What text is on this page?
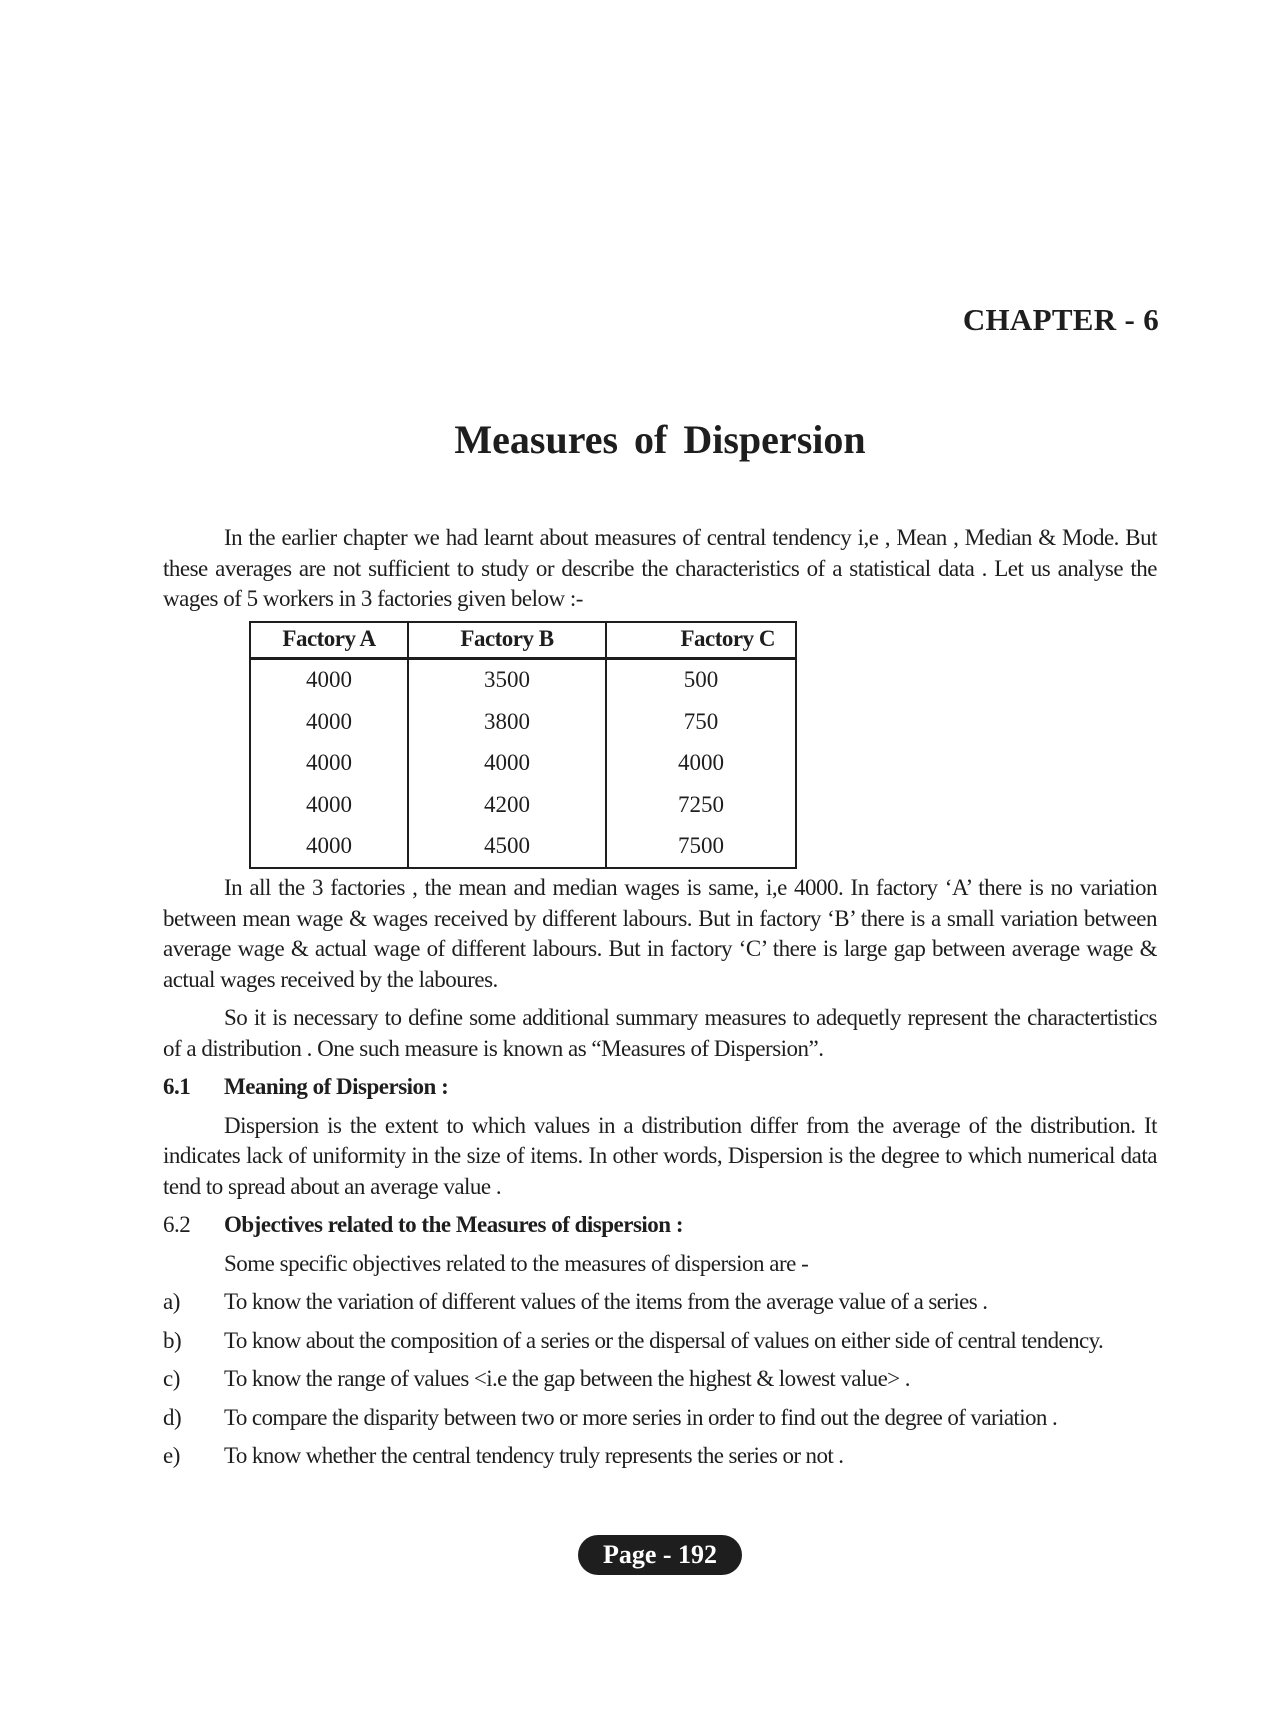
CHAPTER - 6
Measures of Dispersion

In the earlier chapter we had learnt about measures of central tendency i,e , Mean , Median & Mode. But these averages are not sufficient to study or describe the characteristics of a statistical data . Let us analyse the wages of 5 workers in 3 factories given below :-

Factory A	Factory B	Factory C
4000	3500	500
4000	3800	750
4000	4000	4000
4000	4200	7250
4000	4500	7500

In all the 3 factories , the mean and median wages is same, i,e 4000. In factory ‘A’ there is no variation between mean wage & wages received by different labours. But in factory ‘B’ there is a small variation between average wage & actual wage of different labours. But in factory ‘C’ there is large gap between average wage & actual wages received by the laboures.

So it is necessary to define some additional summary measures to adequetly represent the charactertistics of a distribution . One such measure is known as “Measures of Dispersion”.

6.1	Meaning of Dispersion :

Dispersion is the extent to which values in a distribution differ from the average of the distribution. It indicates lack of uniformity in the size of items. In other words, Dispersion is the degree to which numerical data tend to spread about an average value .

6.2	Objectives related to the Measures of dispersion :

Some specific objectives related to the measures of dispersion are -

a)	To know the variation of different values of the items from the average value of a series .
b)	To know about the composition of a series or the dispersal of values on either side of central tendency.
c)	To know the range of values <i.e the gap between the highest & lowest value> .
d)	To compare the disparity between two or more series in order to find out the degree of variation .
e)	To know whether the central tendency truly represents the series or not .
Page - 192
